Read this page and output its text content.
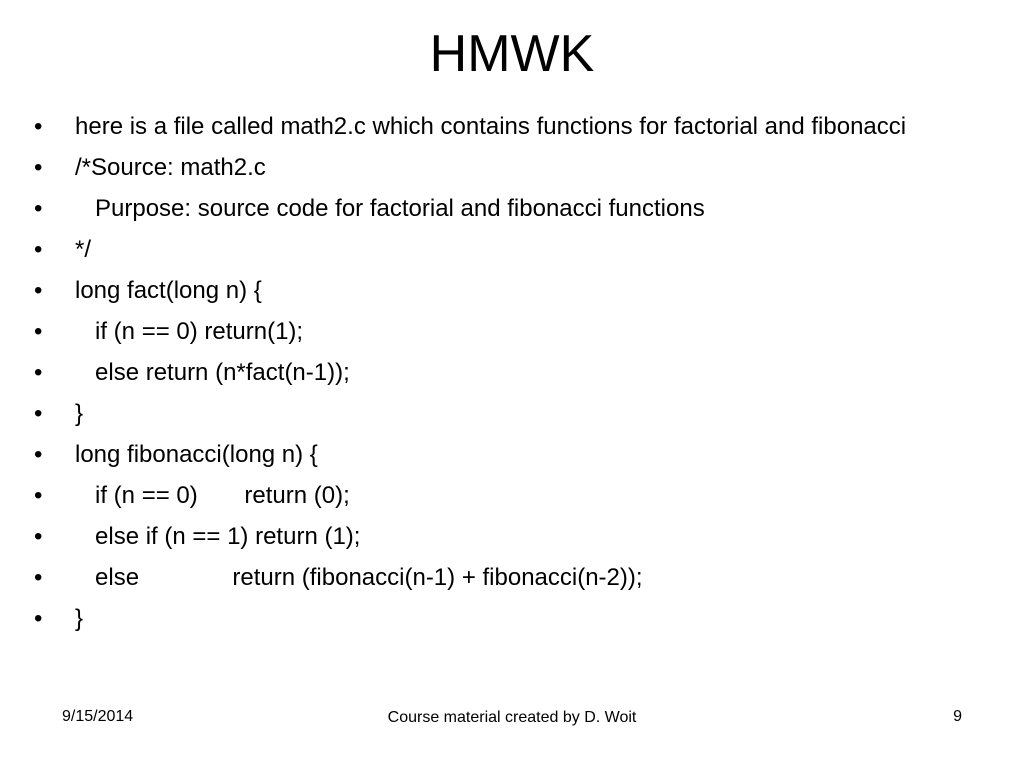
HMWK
•	here is a file called math2.c which contains functions for factorial and fibonacci
•	/*Source: math2.c
•	Purpose: source code for factorial and fibonacci functions
•	*/
•	long fact(long n) {
•	if (n == 0) return(1);
•	else return (n*fact(n-1));
•	}
•	long fibonacci(long n) {
•	if (n == 0)       return (0);
•	else if (n == 1) return (1);
•	else              return (fibonacci(n-1) + fibonacci(n-2));
•	}
9/15/2014	Course material created by D. Woit	9
